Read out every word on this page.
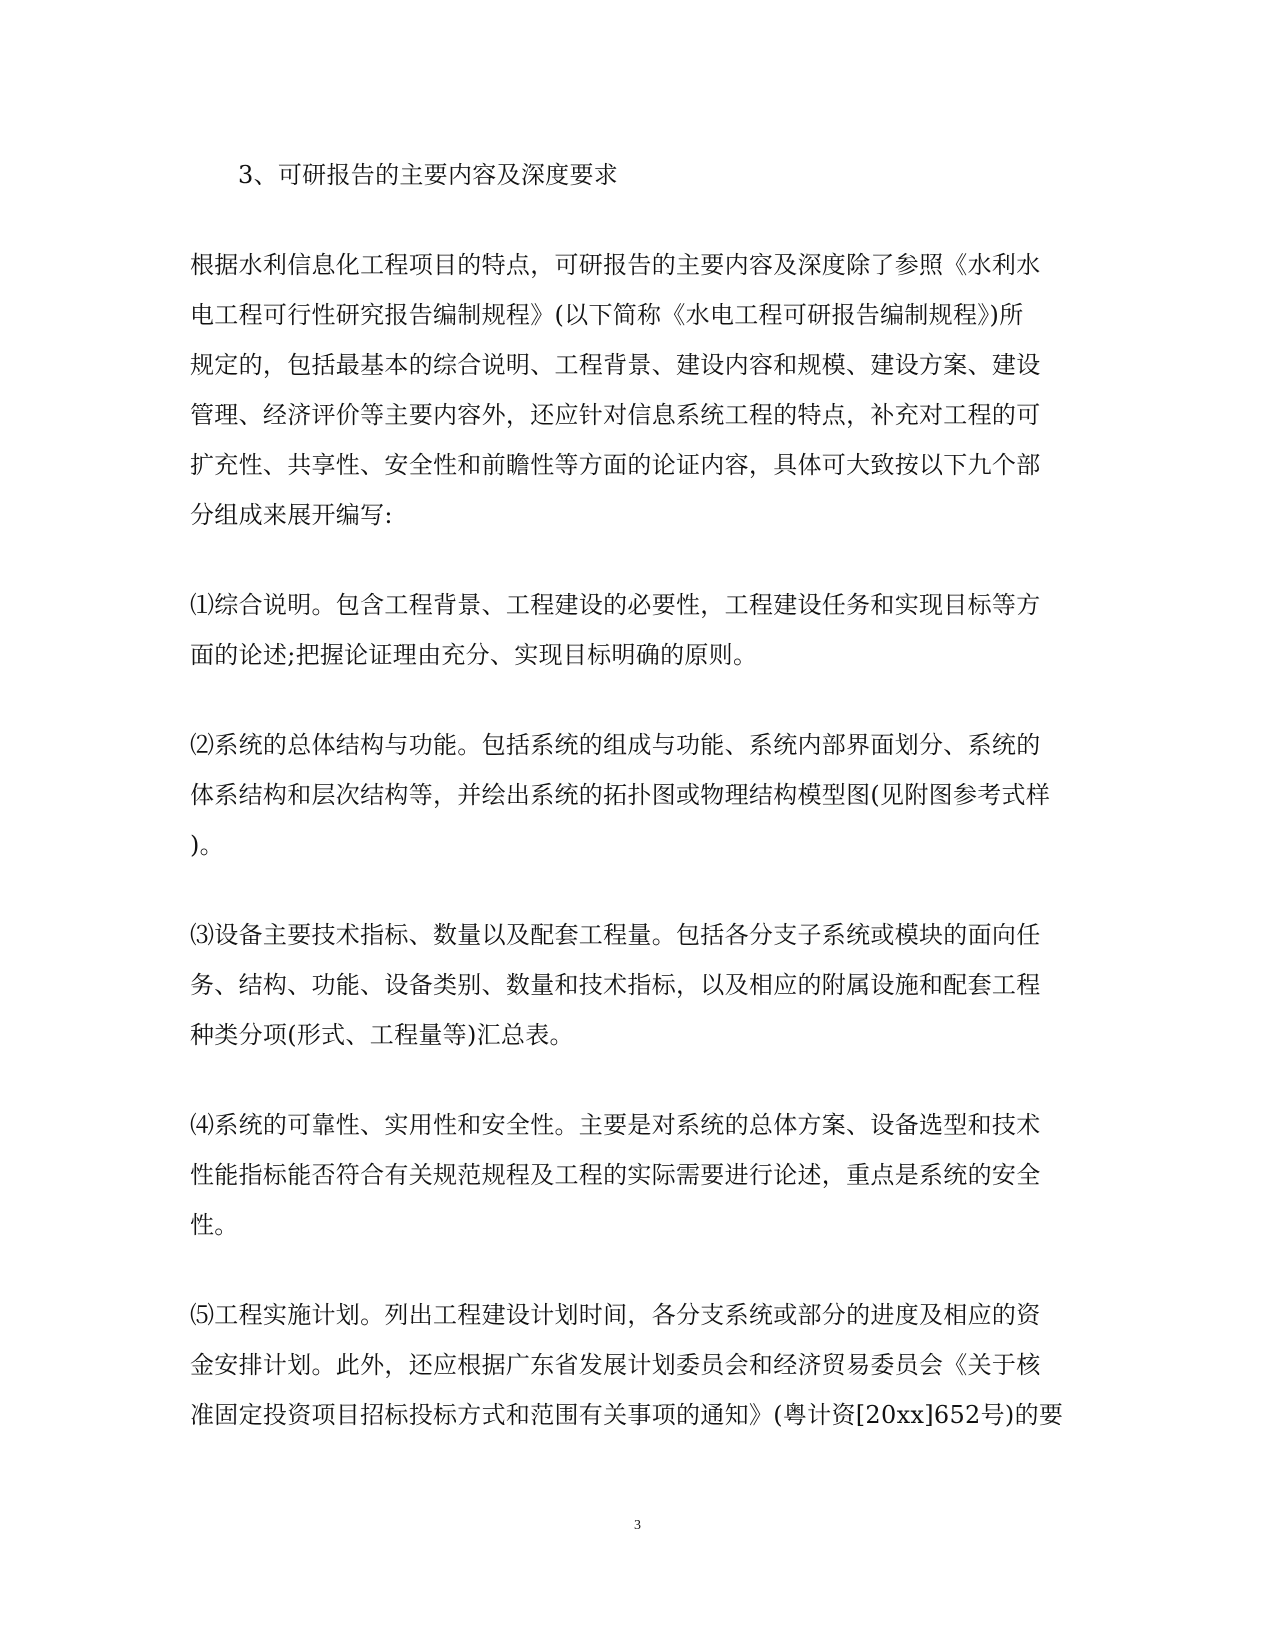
3、可研报告的主要内容及深度要求
根据水利信息化工程项目的特点，可研报告的主要内容及深度除了参照《水利水
电工程可行性研究报告编制规程》(以下简称《水电工程可研报告编制规程》)所
规定的，包括最基本的综合说明、工程背景、建设内容和规模、建设方案、建设
管理、经济评价等主要内容外，还应针对信息系统工程的特点，补充对工程的可
扩充性、共享性、安全性和前瞻性等方面的论证内容，具体可大致按以下九个部
分组成来展开编写:
⑴综合说明。包含工程背景、工程建设的必要性，工程建设任务和实现目标等方
面的论述;把握论证理由充分、实现目标明确的原则。
⑵系统的总体结构与功能。包括系统的组成与功能、系统内部界面划分、系统的
体系结构和层次结构等，并绘出系统的拓扑图或物理结构模型图(见附图参考式样
)。
⑶设备主要技术指标、数量以及配套工程量。包括各分支子系统或模块的面向任
务、结构、功能、设备类别、数量和技术指标，以及相应的附属设施和配套工程
种类分项(形式、工程量等)汇总表。
⑷系统的可靠性、实用性和安全性。主要是对系统的总体方案、设备选型和技术
性能指标能否符合有关规范规程及工程的实际需要进行论述，重点是系统的安全
性。
⑸工程实施计划。列出工程建设计划时间，各分支系统或部分的进度及相应的资
金安排计划。此外，还应根据广东省发展计划委员会和经济贸易委员会《关于核
准固定投资项目招标投标方式和范围有关事项的通知》(粤计资[20xx]652号)的要
3
